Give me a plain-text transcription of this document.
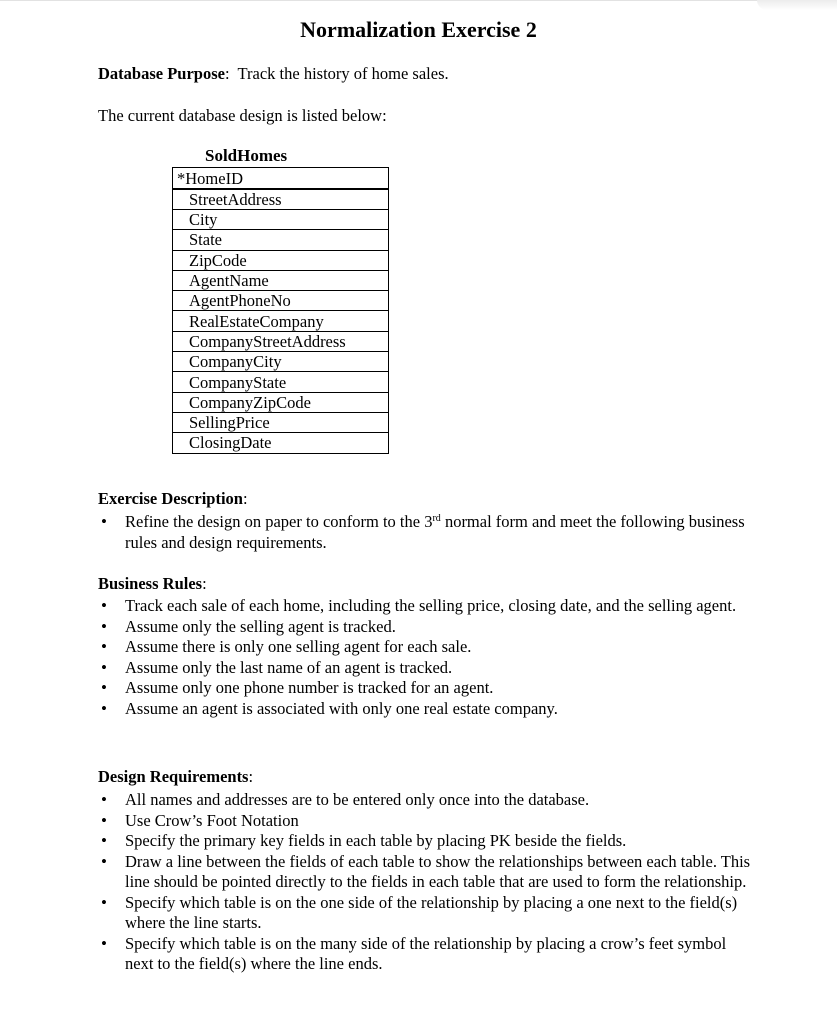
Normalization Exercise 2
Database Purpose:  Track the history of home sales.
The current database design is listed below:
SoldHomes
*HomeID
StreetAddress
City
State
ZipCode
AgentName
AgentPhoneNo
RealEstateCompany
CompanyStreetAddress
CompanyCity
CompanyState
CompanyZipCode
SellingPrice
ClosingDate
Exercise Description:
• Refine the design on paper to conform to the 3rd normal form and meet the following business rules and design requirements.
Business Rules:
• Track each sale of each home, including the selling price, closing date, and the selling agent.
• Assume only the selling agent is tracked.
• Assume there is only one selling agent for each sale.
• Assume only the last name of an agent is tracked.
• Assume only one phone number is tracked for an agent.
• Assume an agent is associated with only one real estate company.
Design Requirements:
• All names and addresses are to be entered only once into the database.
• Use Crow’s Foot Notation
• Specify the primary key fields in each table by placing PK beside the fields.
• Draw a line between the fields of each table to show the relationships between each table. This line should be pointed directly to the fields in each table that are used to form the relationship.
• Specify which table is on the one side of the relationship by placing a one next to the field(s) where the line starts.
• Specify which table is on the many side of the relationship by placing a crow’s feet symbol next to the field(s) where the line ends.
